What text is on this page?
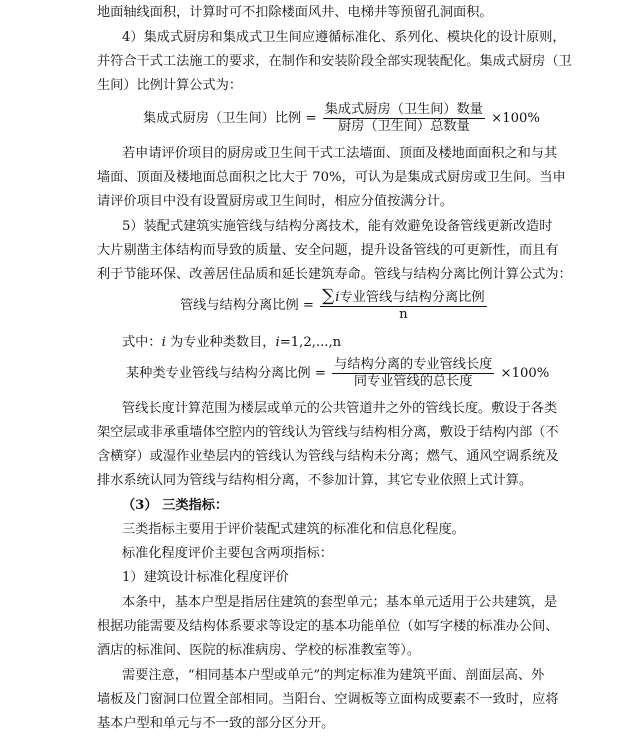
地面轴线面积，计算时可不扣除楼面风井、电梯井等预留孔洞面积。
4）集成式厨房和集成式卫生间应遵循标准化、系列化、模块化的设计原则，
并符合干式工法施工的要求，在制作和安装阶段全部实现装配化。集成式厨房（卫
生间）比例计算公式为：
集成式厨房（卫生间）比例 = $\frac{\text{集成式厨房（卫生间）数量}}{\text{厨房（卫生间）总数量}} \times 100\%$
若申请评价项目的厨房或卫生间干式工法墙面、顶面及楼地面面积之和与其
墙面、顶面及楼地面总面积之比大于 70%，可认为是集成式厨房或卫生间。当申
请评价项目中没有设置厨房或卫生间时，相应分值按满分计。
5）装配式建筑实施管线与结构分离技术，能有效避免设备管线更新改造时
大片剔凿主体结构而导致的质量、安全问题，提升设备管线的可更新性，而且有
利于节能环保、改善居住品质和延长建筑寿命。管线与结构分离比例计算公式为：
管线与结构分离比例 = $\frac{\text{∑i专业管线与结构分离比例}}{n}$
式中：i 为专业种类数目，i=1,2,...,n
某种类专业管线与结构分离比例 = $\frac{\text{与结构分离的专业管线长度}}{\text{同专业管线的总长度}} \times 100\%$
管线长度计算范围为楼层或单元的公共管道井之外的管线长度。敷设于各类
架空层或非承重墙体空腔内的管线认为管线与结构相分离，敷设于结构内部（不
含横穿）或湿作业垫层内的管线认为管线与结构未分离；燃气、通风空调系统及
排水系统认同为管线与结构相分离，不参加计算，其它专业依照上式计算。
（3） 三类指标：
三类指标主要用于评价装配式建筑的标准化和信息化程度。
标准化程度评价主要包含两项指标：
1）建筑设计标准化程度评价
本条中，基本户型是指居住建筑的套型单元；基本单元适用于公共建筑，是
根据功能需要及结构体系要求等设定的基本功能单位（如写字楼的标准办公间、
酒店的标准间、医院的标准病房、学校的标准教室等）。
需要注意，“相同基本户型或单元”的判定标准为建筑平面、剖面层高、外
墙板及门窗洞口位置全部相同。当阳台、空调板等立面构成要素不一致时，应将
基本户型和单元与不一致的部分区分开。
